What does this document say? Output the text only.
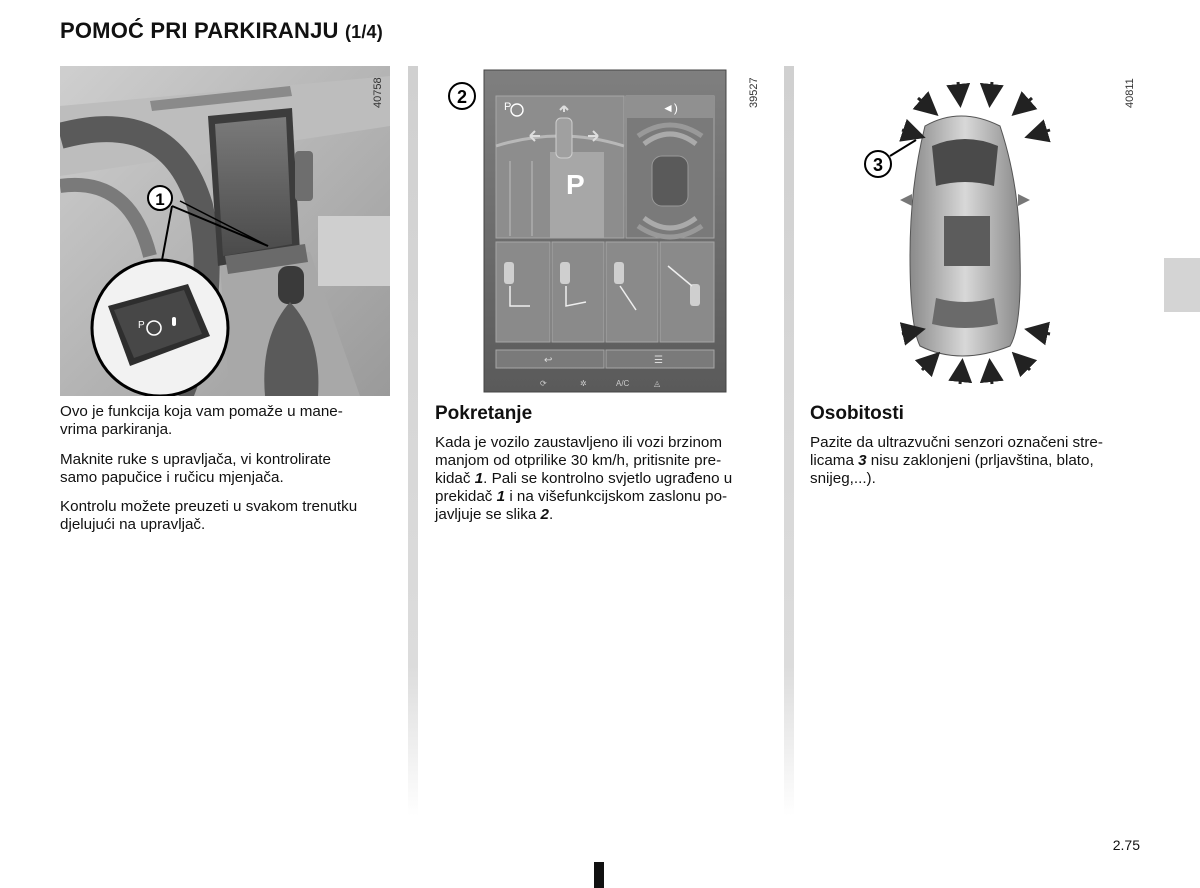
POMOĆ PRI PARKIRANJU (1/4)
1
P
40758	2	P
P
◄)
↩	☰
⟳	✲	A/C	◬
39527
3
40811

Ovo je funkcija koja vam pomaže u mane-
vrima parkiranja.

Maknite ruke s upravljača, vi kontrolirate
samo papučice i ručicu mjenjača.

Kontrolu možete preuzeti u svakom trenutku
djelujući na upravljač.

Pokretanje

Kada je vozilo zaustavljeno ili vozi brzinom
manjom od otprilike 30 km/h, pritisnite pre-
kidač 1. Pali se kontrolno svjetlo ugrađeno u
prekidač 1 i na višefunkcijskom zaslonu po-
javljuje se slika 2.

Osobitosti

Pazite da ultrazvučni senzori označeni stre-
licama 3 nisu zaklonjeni (prljavština, blato,
snijeg,...).

2.75
